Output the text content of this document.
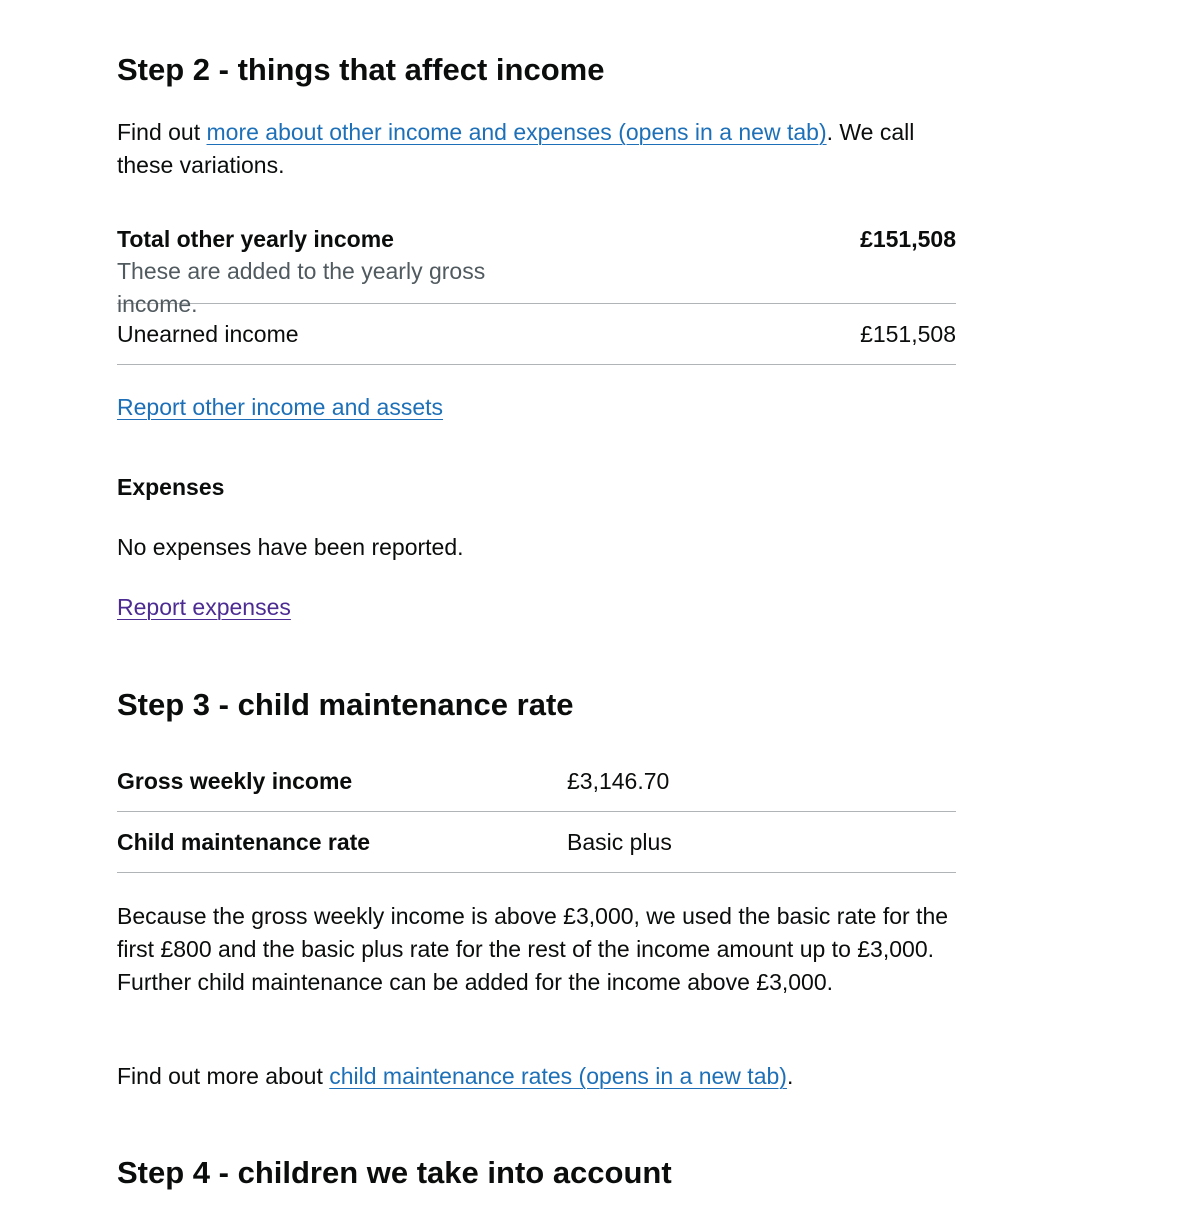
Step 2 - things that affect income

Find out more about other income and expenses (opens in a new tab). We call these variations.

Total other yearly income
These are added to the yearly gross income.
£151,508
Unearned income	£151,508

Report other income and assets

Expenses

No expenses have been reported.

Report expenses

Step 3 - child maintenance rate
Gross weekly income	£3,146.70
Child maintenance rate	Basic plus

Because the gross weekly income is above £3,000, we used the basic rate for the first £800 and the basic plus rate for the rest of the income amount up to £3,000. Further child maintenance can be added for the income above £3,000.

Find out more about child maintenance rates (opens in a new tab).

Step 4 - children we take into account
